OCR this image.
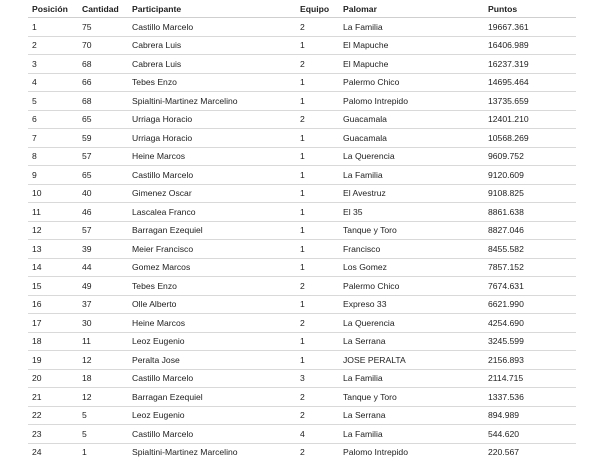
Posición	Cantidad	Participante	Equipo	Palomar	Puntos
1	75	Castillo Marcelo	2	La Familia	19667.361
2	70	Cabrera Luis	1	El Mapuche	16406.989
3	68	Cabrera Luis	2	El Mapuche	16237.319
4	66	Tebes Enzo	1	Palermo Chico	14695.464
5	68	Spialtini-Martinez Marcelino	1	Palomo Intrepido	13735.659
6	65	Urriaga Horacio	2	Guacamala	12401.210
7	59	Urriaga Horacio	1	Guacamala	10568.269
8	57	Heine Marcos	1	La Querencia	9609.752
9	65	Castillo Marcelo	1	La Familia	9120.609
10	40	Gimenez Oscar	1	El Avestruz	9108.825
11	46	Lascalea Franco	1	El 35	8861.638
12	57	Barragan Ezequiel	1	Tanque y Toro	8827.046
13	39	Meier Francisco	1	Francisco	8455.582
14	44	Gomez Marcos	1	Los Gomez	7857.152
15	49	Tebes Enzo	2	Palermo Chico	7674.631
16	37	Olle Alberto	1	Expreso 33	6621.990
17	30	Heine Marcos	2	La Querencia	4254.690
18	11	Leoz Eugenio	1	La Serrana	3245.599
19	12	Peralta Jose	1	JOSE PERALTA	2156.893
20	18	Castillo Marcelo	3	La Familia	2114.715
21	12	Barragan Ezequiel	2	Tanque y Toro	1337.536
22	5	Leoz Eugenio	2	La Serrana	894.989
23	5	Castillo Marcelo	4	La Familia	544.620
24	1	Spialtini-Martinez Marcelino	2	Palomo Intrepido	220.567
